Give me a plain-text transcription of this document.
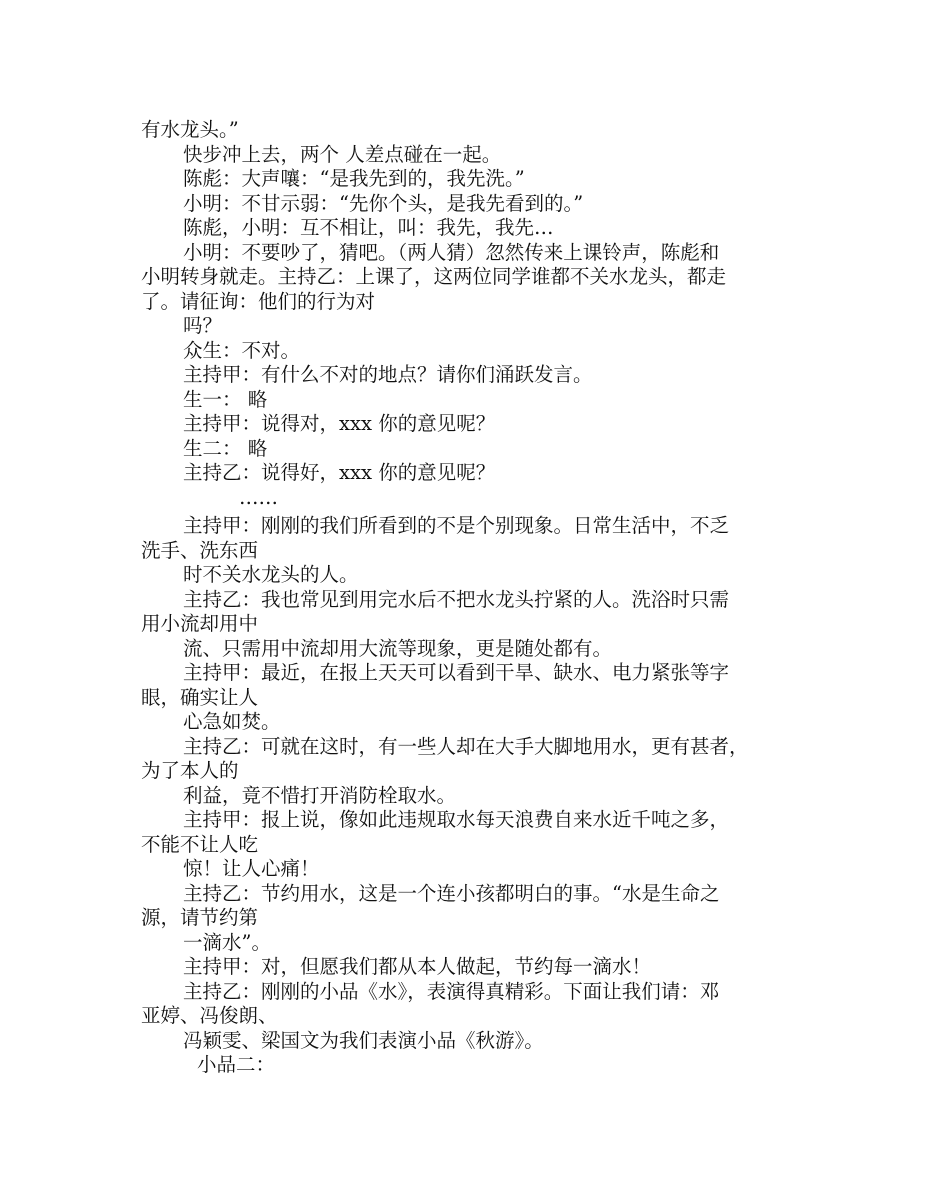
有水龙头。”
快步冲上去，两个 人差点碰在一起。
陈彪：大声嚷：“是我先到的，我先洗。”
小明：不甘示弱：“先你个头，是我先看到的。”
陈彪，小明：互不相让，叫：我先，我先…
小明：不要吵了，猜吧。（两人猜）忽然传来上课铃声，陈彪和
小明转身就走。主持乙：上课了，这两位同学谁都不关水龙头，都走
了。请征询：他们的行为对
吗？
众生：不对。
主持甲：有什么不对的地点？请你们涌跃发言。
生一： 略
主持甲：说得对，xxx 你的意见呢？
生二： 略
主持乙：说得好，xxx 你的意见呢？
……
主持甲：刚刚的我们所看到的不是个别现象。日常生活中，不乏
洗手、洗东西
时不关水龙头的人。
主持乙：我也常见到用完水后不把水龙头拧紧的人。洗浴时只需
用小流却用中
流、只需用中流却用大流等现象，更是随处都有。
主持甲：最近，在报上天天可以看到干旱、缺水、电力紧张等字
眼，确实让人
心急如焚。
主持乙：可就在这时，有一些人却在大手大脚地用水，更有甚者，
为了本人的
利益，竟不惜打开消防栓取水。
主持甲：报上说，像如此违规取水每天浪费自来水近千吨之多，
不能不让人吃
惊！让人心痛！
主持乙：节约用水，这是一个连小孩都明白的事。“水是生命之
源，请节约第
一滴水”。
主持甲：对，但愿我们都从本人做起，节约每一滴水！
主持乙：刚刚的小品《水》，表演得真精彩。下面让我们请：邓
亚婷、冯俊朗、
冯颖雯、梁国文为我们表演小品《秋游》。
小品二：
